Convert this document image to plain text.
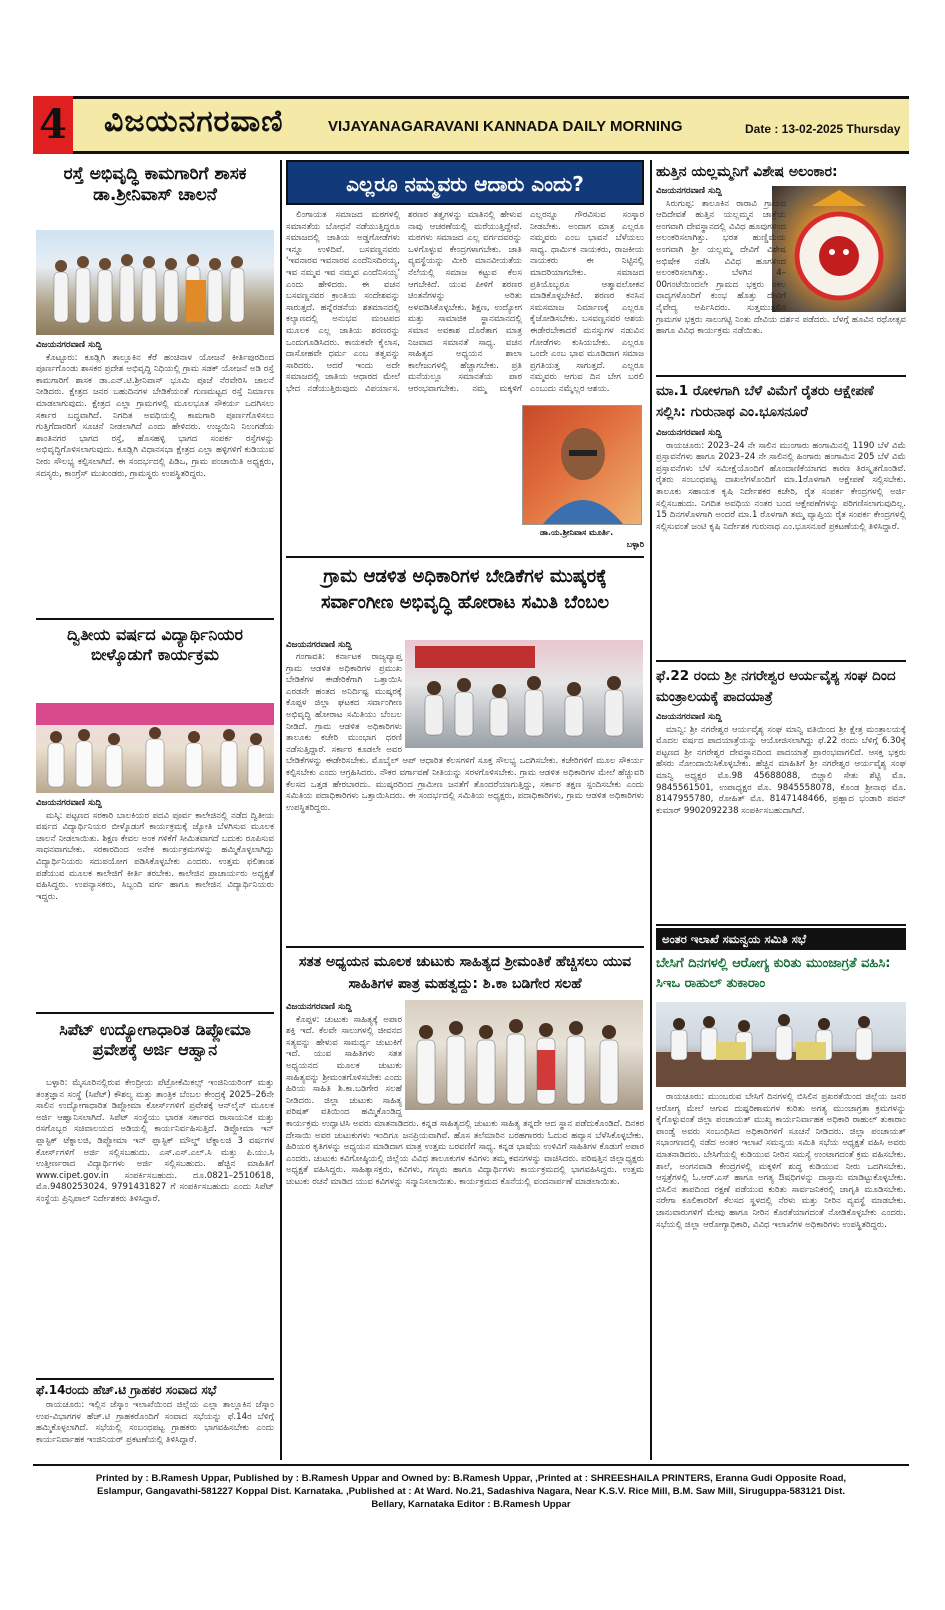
4 ವಿಜಯನಗರವಾಣಿ	VIJAYANAGARAVANI KANNADA DAILY MORNING	Date : 13-02-2025 Thursday
ರಸ್ತೆ ಅಭಿವೃದ್ಧಿ ಕಾಮಗಾರಿಗೆ ಶಾಸಕ ಡಾ.ಶ್ರೀನಿವಾಸ್ ಚಾಲನೆ
ವಿಜಯನಗರವಾಣಿ ಸುದ್ದಿ

ಕೊಟ್ಟೂರು: ಕೂಡ್ಲಿಗಿ ತಾಲ್ಲೂಕಿನ ಕೆರೆ ಹಂಚಿನಾಳ ಯೋಜನೆ ಕೀರ್ತಿಪುರದಿಂದ ಪೂರ್ಣಗೊಂಡು ಶಾಸಕರ ಪ್ರದೇಶ ಅಭಿವೃದ್ಧಿ ನಿಧಿಯಲ್ಲಿ ಗ್ರಾಮ ಸಡಕ್ ಯೋಜನೆ ಅಡಿ ರಸ್ತೆ ಕಾಮಗಾರಿಗೆ ಶಾಸಕ ಡಾ.ಎನ್.ಟಿ.ಶ್ರೀನಿವಾಸ್ ಭೂಮಿ ಪೂಜೆ ನೆರವೇರಿಸಿ ಚಾಲನೆ ನೀಡಿದರು. ಕ್ಷೇತ್ರದ ಜನರ ಬಹುದಿನಗಳ ಬೇಡಿಕೆಯಂತೆ ಗುಣಮಟ್ಟದ ರಸ್ತೆ ನಿರ್ಮಾಣ ಮಾಡಲಾಗುವುದು. ಕ್ಷೇತ್ರದ ಎಲ್ಲಾ ಗ್ರಾಮಗಳಲ್ಲಿ ಮೂಲಭೂತ ಸೌಕರ್ಯ ಒದಗಿಸಲು ಸರ್ಕಾರ ಬದ್ಧವಾಗಿದೆ. ನಿಗದಿತ ಅವಧಿಯಲ್ಲಿ ಕಾಮಗಾರಿ ಪೂರ್ಣಗೊಳಿಸಲು ಗುತ್ತಿಗೆದಾರರಿಗೆ ಸೂಚನೆ ನೀಡಲಾಗಿದೆ ಎಂದು ಹೇಳಿದರು. ಉಜ್ಜಯಿನಿ ನಿಲುಗಡೆಯ ಶಾಂತಿನಗರ ಭಾಗದ ರಸ್ತೆ, ಹೊಸಹಳ್ಳಿ ಭಾಗದ ಸಂಪರ್ಕ ರಸ್ತೆಗಳನ್ನು ಅಭಿವೃದ್ಧಿಗೊಳಿಸಲಾಗುವುದು. ಕೂಡ್ಲಿಗಿ ವಿಧಾನಸಭಾ ಕ್ಷೇತ್ರದ ಎಲ್ಲಾ ಹಳ್ಳಿಗಳಿಗೆ ಕುಡಿಯುವ ನೀರು ಸೌಲಭ್ಯ ಕಲ್ಪಿಸಲಾಗಿದೆ. ಈ ಸಂದರ್ಭದಲ್ಲಿ ಪಿಡಿಒ, ಗ್ರಾಮ ಪಂಚಾಯಿತಿ ಅಧ್ಯಕ್ಷರು, ಸದಸ್ಯರು, ಕಾಂಗ್ರೆಸ್ ಮುಖಂಡರು, ಗ್ರಾಮಸ್ಥರು ಉಪಸ್ಥಿತರಿದ್ದರು.

ದ್ವಿತೀಯ ವರ್ಷದ ವಿದ್ಯಾರ್ಥಿನಿಯರ ಬೀಳ್ಕೊಡುಗೆ ಕಾರ್ಯಕ್ರಮ
ವಿಜಯನಗರವಾಣಿ ಸುದ್ದಿ

ಮಸ್ಕಿ: ಪಟ್ಟಣದ ಸರಕಾರಿ ಬಾಲಕಿಯರ ಪದವಿ ಪೂರ್ವ ಕಾಲೇಜಿನಲ್ಲಿ ನಡೆದ ದ್ವಿತೀಯ ವರ್ಷದ ವಿದ್ಯಾರ್ಥಿನಿಯರ ಬೀಳ್ಕೊಡುಗೆ ಕಾರ್ಯಕ್ರಮಕ್ಕೆ ಜ್ಯೋತಿ ಬೆಳಗಿಸುವ ಮೂಲಕ ಚಾಲನೆ ನೀಡಲಾಯಿತು. ಶಿಕ್ಷಣ ಕೇವಲ ಅಂಕ ಗಳಿಕೆಗೆ ಸೀಮಿತವಾಗದೆ ಬದುಕು ರೂಪಿಸುವ ಸಾಧನವಾಗಬೇಕು. ಸರಕಾರದಿಂದ ಅನೇಕ ಕಾರ್ಯಕ್ರಮಗಳನ್ನು ಹಮ್ಮಿಕೊಳ್ಳಲಾಗಿದ್ದು ವಿದ್ಯಾರ್ಥಿನಿಯರು ಸದುಪಯೋಗ ಪಡಿಸಿಕೊಳ್ಳಬೇಕು ಎಂದರು. ಉತ್ತಮ ಫಲಿತಾಂಶ ಪಡೆಯುವ ಮೂಲಕ ಕಾಲೇಜಿಗೆ ಕೀರ್ತಿ ತರಬೇಕು. ಕಾಲೇಜಿನ ಪ್ರಾಚಾರ್ಯರು ಅಧ್ಯಕ್ಷತೆ ವಹಿಸಿದ್ದರು. ಉಪನ್ಯಾಸಕರು, ಸಿಬ್ಬಂದಿ ವರ್ಗ ಹಾಗೂ ಕಾಲೇಜಿನ ವಿದ್ಯಾರ್ಥಿನಿಯರು ಇದ್ದರು.

ಸಿಪೆಟ್ ಉದ್ಯೋಗಾಧಾರಿತ ಡಿಪ್ಲೋಮಾ ಪ್ರವೇಶಕ್ಕೆ ಅರ್ಜಿ ಆಹ್ವಾನ

ಬಳ್ಳಾರಿ: ಮೈಸೂರಿನಲ್ಲಿರುವ ಕೇಂದ್ರೀಯ ಪೆಟ್ರೋಕೆಮಿಕಲ್ಸ್ ಇಂಜಿನಿಯರಿಂಗ್ ಮತ್ತು ತಂತ್ರಜ್ಞಾನ ಸಂಸ್ಥೆ (ಸಿಪೆಟ್) ಕೌಶಲ್ಯ ಮತ್ತು ತಾಂತ್ರಿಕ ಬೆಂಬಲ ಕೇಂದ್ರಕ್ಕೆ 2025–26ನೇ ಸಾಲಿನ ಉದ್ಯೋಗಾಧಾರಿತ ಡಿಪ್ಲೋಮಾ ಕೋರ್ಸ್‌ಗಳಿಗೆ ಪ್ರವೇಶಕ್ಕೆ ಆನ್‌ಲೈನ್ ಮೂಲಕ ಅರ್ಜಿ ಆಹ್ವಾನಿಸಲಾಗಿದೆ. ಸಿಪೆಟ್ ಸಂಸ್ಥೆಯು ಭಾರತ ಸರ್ಕಾರದ ರಾಸಾಯನಿಕ ಮತ್ತು ರಸಗೊಬ್ಬರ ಸಚಿವಾಲಯದ ಅಡಿಯಲ್ಲಿ ಕಾರ್ಯನಿರ್ವಹಿಸುತ್ತಿದೆ. ಡಿಪ್ಲೋಮಾ ಇನ್ ಪ್ಲಾಸ್ಟಿಕ್ ಟೆಕ್ನಾಲಜಿ, ಡಿಪ್ಲೋಮಾ ಇನ್ ಪ್ಲಾಸ್ಟಿಕ್ ಮೌಲ್ಡ್ ಟೆಕ್ನಾಲಜಿ 3 ವರ್ಷಗಳ ಕೋರ್ಸ್‌ಗಳಿಗೆ ಅರ್ಜಿ ಸಲ್ಲಿಸಬಹುದು. ಎಸ್.ಎಸ್.ಎಲ್.ಸಿ ಮತ್ತು ಪಿ.ಯು.ಸಿ ಉತ್ತೀರ್ಣರಾದ ವಿದ್ಯಾರ್ಥಿಗಳು ಅರ್ಜಿ ಸಲ್ಲಿಸಬಹುದು. ಹೆಚ್ಚಿನ ಮಾಹಿತಿಗೆ www.cipet.gov.in ಸಂಪರ್ಕಿಸಬಹುದು. ದೂ.0821–2510618, ಮೊ.9480253024, 9791431827 ಗೆ ಸಂಪರ್ಕಿಸಬಹುದು ಎಂದು ಸಿಪೆಟ್ ಸಂಸ್ಥೆಯ ಪ್ರಿನ್ಸಿಪಾಲ್ ನಿರ್ದೇಶಕರು ತಿಳಿಸಿದ್ದಾರೆ.

ಫೆ.14ರಂದು ಹೆಚ್.ಟಿ ಗ್ರಾಹಕರ ಸಂವಾದ ಸಭೆ

ರಾಯಚೂರು: ಇಲ್ಲಿನ ಜೆಸ್ಕಾಂ ಇಲಾಖೆಯಿಂದ ಜಿಲ್ಲೆಯ ಎಲ್ಲಾ ತಾಲ್ಲೂಕಿನ ಜೆಸ್ಕಾಂ ಉಪ-ವಿಭಾಗಗಳ ಹೆಚ್.ಟಿ ಗ್ರಾಹಕರೊಂದಿಗೆ ಸಂವಾದ ಸಭೆಯನ್ನು ಫೆ.14ರ ಬೆಳಿಗ್ಗೆ ಹಮ್ಮಿಕೊಳ್ಳಲಾಗಿದೆ. ಸಭೆಯಲ್ಲಿ ಸಂಬಂಧಪಟ್ಟ ಗ್ರಾಹಕರು ಭಾಗವಹಿಸಬೇಕು ಎಂದು ಕಾರ್ಯನಿರ್ವಾಹಕ ಇಂಜಿನಿಯರ್ ಪ್ರಕಟಣೆಯಲ್ಲಿ ತಿಳಿಸಿದ್ದಾರೆ.

ಎಲ್ಲರೂ ನಮ್ಮವರು ಆದಾರು ಎಂದು?

ಲಿಂಗಾಯತ ಸಮಾಜದ ಮಠಗಳಲ್ಲಿ ಸಮಾನತೆಯ ಬೋಧನೆ ನಡೆಯುತ್ತಿದ್ದರೂ ಸಮಾಜದಲ್ಲಿ ಜಾತಿಯ ಅಡ್ಡಗೋಡೆಗಳು ಇನ್ನೂ ಉಳಿದಿವೆ. ಬಸವಣ್ಣನವರು 'ಇವನಾರವ ಇವನಾರವ ಎಂದೆನಿಸದಿರಯ್ಯ, ಇವ ನಮ್ಮವ ಇವ ನಮ್ಮವ ಎಂದೆನಿಸಯ್ಯ' ಎಂದು ಹೇಳಿದರು. ಈ ವಚನ ಬಸವಣ್ಣನವರ ಕ್ರಾಂತಿಯ ಸಂದೇಶವನ್ನು ಸಾರುತ್ತದೆ. ಹನ್ನೆರಡನೆಯ ಶತಮಾನದಲ್ಲಿ ಕಲ್ಯಾಣದಲ್ಲಿ ಅನುಭವ ಮಂಟಪದ ಮೂಲಕ ಎಲ್ಲ ಜಾತಿಯ ಶರಣರನ್ನು ಒಂದುಗೂಡಿಸಿದರು. ಕಾಯಕವೇ ಕೈಲಾಸ, ದಾಸೋಹವೇ ಧರ್ಮ ಎಂಬ ತತ್ವವನ್ನು ಸಾರಿದರು. ಆದರೆ ಇಂದು ಅದೇ ಸಮಾಜದಲ್ಲಿ ಜಾತಿಯ ಆಧಾರದ ಮೇಲೆ ಭೇದ ನಡೆಯುತ್ತಿರುವುದು ವಿಪರ್ಯಾಸ. ಶರಣರ ತತ್ವಗಳನ್ನು ಮಾತಿನಲ್ಲಿ ಹೇಳುವ ನಾವು ಆಚರಣೆಯಲ್ಲಿ ಮರೆಯುತ್ತಿದ್ದೇವೆ. ಮಠಗಳು ಸಮಾಜದ ಎಲ್ಲ ವರ್ಗದವರನ್ನು ಒಳಗೊಳ್ಳುವ ಕೇಂದ್ರಗಳಾಗಬೇಕು. ಜಾತಿ ವ್ಯವಸ್ಥೆಯನ್ನು ಮೀರಿ ಮಾನವೀಯತೆಯ ನೆಲೆಯಲ್ಲಿ ಸಮಾಜ ಕಟ್ಟುವ ಕೆಲಸ ಆಗಬೇಕಿದೆ. ಯುವ ಪೀಳಿಗೆ ಶರಣರ ಚಿಂತನೆಗಳನ್ನು ಅರಿತು ಅಳವಡಿಸಿಕೊಳ್ಳಬೇಕು. ಶಿಕ್ಷಣ, ಉದ್ಯೋಗ ಮತ್ತು ಸಾಮಾಜಿಕ ಸ್ಥಾನಮಾನದಲ್ಲಿ ಸಮಾನ ಅವಕಾಶ ದೊರೆತಾಗ ಮಾತ್ರ ನಿಜವಾದ ಸಮಾನತೆ ಸಾಧ್ಯ. ವಚನ ಸಾಹಿತ್ಯದ ಅಧ್ಯಯನ ಶಾಲಾ ಕಾಲೇಜುಗಳಲ್ಲಿ ಹೆಚ್ಚಾಗಬೇಕು. ಪ್ರತಿ ಮನೆಯಲ್ಲೂ ಸಮಾನತೆಯ ಪಾಠ ಆರಂಭವಾಗಬೇಕು. ನಮ್ಮ ಮಕ್ಕಳಿಗೆ ಎಲ್ಲರನ್ನೂ ಗೌರವಿಸುವ ಸಂಸ್ಕಾರ ನೀಡಬೇಕು. ಅಂದಾಗ ಮಾತ್ರ ಎಲ್ಲರೂ ನಮ್ಮವರು ಎಂಬ ಭಾವನೆ ಬೆಳೆಯಲು ಸಾಧ್ಯ. ಧಾರ್ಮಿಕ ನಾಯಕರು, ರಾಜಕೀಯ ನಾಯಕರು ಈ ನಿಟ್ಟಿನಲ್ಲಿ ಮಾದರಿಯಾಗಬೇಕು. ಸಮಾಜದ ಪ್ರತಿಯೊಬ್ಬರೂ ಆತ್ಮಾವಲೋಕನ ಮಾಡಿಕೊಳ್ಳಬೇಕಿದೆ. ಶರಣರ ಕನಸಿನ ಸಮಸಮಾಜ ನಿರ್ಮಾಣಕ್ಕೆ ಎಲ್ಲರೂ ಕೈಜೋಡಿಸಬೇಕು. ಬಸವಣ್ಣನವರ ಆಶಯ ಈಡೇರಬೇಕಾದರೆ ಮನಸ್ಸುಗಳ ನಡುವಿನ ಗೋಡೆಗಳು ಕುಸಿಯಬೇಕು. ಎಲ್ಲರೂ ಒಂದೇ ಎಂಬ ಭಾವ ಮೂಡಿದಾಗ ಸಮಾಜ ಪ್ರಗತಿಯತ್ತ ಸಾಗುತ್ತದೆ. ಎಲ್ಲರೂ ನಮ್ಮವರು ಆಗುವ ದಿನ ಬೇಗ ಬರಲಿ ಎಂಬುದು ನಮ್ಮೆಲ್ಲರ ಆಶಯ.

ಡಾ.ಯ.ಶ್ರೀನಿವಾಸ ಮೂರ್ತಿ.
ಬಳ್ಳಾರಿ
ಗ್ರಾಮ ಆಡಳಿತ ಅಧಿಕಾರಿಗಳ ಬೇಡಿಕೆಗಳ ಮುಷ್ಕರಕ್ಕೆ ಸರ್ವಾಂಗೀಣ ಅಭಿವೃದ್ಧಿ ಹೋರಾಟ ಸಮಿತಿ ಬೆಂಬಲ
ವಿಜಯನಗರವಾಣಿ ಸುದ್ದಿ

ಗಂಗಾವತಿ: ಕರ್ನಾಟಕ ರಾಜ್ಯವ್ಯಾಪ್ತ ಗ್ರಾಮ ಆಡಳಿತ ಅಧಿಕಾರಿಗಳ ಪ್ರಮುಖ ಬೇಡಿಕೆಗಳ ಈಡೇರಿಕೆಗಾಗಿ ಒತ್ತಾಯಿಸಿ ಎರಡನೇ ಹಂತದ ಅನಿರ್ದಿಷ್ಟ ಮುಷ್ಕರಕ್ಕೆ ಕೊಪ್ಪಳ ಜಿಲ್ಲಾ ಘಟಕದ ಸರ್ವಾಂಗೀಣ ಅಭಿವೃದ್ಧಿ ಹೋರಾಟ ಸಮಿತಿಯು ಬೆಂಬಲ ನೀಡಿದೆ. ಗ್ರಾಮ ಆಡಳಿತ ಅಧಿಕಾರಿಗಳು ತಾಲೂಕು ಕಚೇರಿ ಮುಂಭಾಗ ಧರಣಿ ನಡೆಸುತ್ತಿದ್ದಾರೆ. ಸರ್ಕಾರ ಕೂಡಲೇ ಅವರ ಬೇಡಿಕೆಗಳನ್ನು ಈಡೇರಿಸಬೇಕು. ಮೊಬೈಲ್ ಆಪ್ ಆಧಾರಿತ ಕೆಲಸಗಳಿಗೆ ಸೂಕ್ತ ಸೌಲಭ್ಯ ಒದಗಿಸಬೇಕು. ಕಚೇರಿಗಳಿಗೆ ಮೂಲ ಸೌಕರ್ಯ ಕಲ್ಪಿಸಬೇಕು ಎಂದು ಆಗ್ರಹಿಸಿದರು. ನೌಕರ ವರ್ಗಾವಣೆ ನೀತಿಯನ್ನು ಸರಳಗೊಳಿಸಬೇಕು. ಗ್ರಾಮ ಆಡಳಿತ ಅಧಿಕಾರಿಗಳ ಮೇಲೆ ಹೆಚ್ಚುವರಿ ಕೆಲಸದ ಒತ್ತಡ ಹೇರಬಾರದು. ಮುಷ್ಕರದಿಂದ ಗ್ರಾಮೀಣ ಜನತೆಗೆ ತೊಂದರೆಯಾಗುತ್ತಿದ್ದು, ಸರ್ಕಾರ ತಕ್ಷಣ ಸ್ಪಂದಿಸಬೇಕು ಎಂದು ಸಮಿತಿಯ ಪದಾಧಿಕಾರಿಗಳು ಒತ್ತಾಯಿಸಿದರು. ಈ ಸಂದರ್ಭದಲ್ಲಿ ಸಮಿತಿಯ ಅಧ್ಯಕ್ಷರು, ಪದಾಧಿಕಾರಿಗಳು, ಗ್ರಾಮ ಆಡಳಿತ ಅಧಿಕಾರಿಗಳು ಉಪಸ್ಥಿತರಿದ್ದರು.

ಸತತ ಅಧ್ಯಯನ ಮೂಲಕ ಚುಟುಕು ಸಾಹಿತ್ಯದ ಶ್ರೀಮಂತಿಕೆ ಹೆಚ್ಚಿಸಲು ಯುವ ಸಾಹಿತಿಗಳ ಪಾತ್ರ ಮಹತ್ವದ್ದು: ಶಿ.ಕಾ ಬಡಿಗೇರ ಸಲಹೆ
ವಿಜಯನಗರವಾಣಿ ಸುದ್ದಿ

ಕೊಪ್ಪಳ: ಚುಟುಕು ಸಾಹಿತ್ಯಕ್ಕೆ ಅಪಾರ ಶಕ್ತಿ ಇದೆ. ಕೆಲವೇ ಸಾಲುಗಳಲ್ಲಿ ಜೀವನದ ಸತ್ಯವನ್ನು ಹೇಳುವ ಸಾಮರ್ಥ್ಯ ಚುಟುಕಿಗೆ ಇದೆ. ಯುವ ಸಾಹಿತಿಗಳು ಸತತ ಅಧ್ಯಯನದ ಮೂಲಕ ಚುಟುಕು ಸಾಹಿತ್ಯವನ್ನು ಶ್ರೀಮಂತಗೊಳಿಸಬೇಕು ಎಂದು ಹಿರಿಯ ಸಾಹಿತಿ ಶಿ.ಕಾ.ಬಡಿಗೇರ ಸಲಹೆ ನೀಡಿದರು. ಜಿಲ್ಲಾ ಚುಟುಕು ಸಾಹಿತ್ಯ ಪರಿಷತ್ ವತಿಯಿಂದ ಹಮ್ಮಿಕೊಂಡಿದ್ದ ಕಾರ್ಯಕ್ರಮ ಉದ್ಘಾಟಿಸಿ ಅವರು ಮಾತನಾಡಿದರು. ಕನ್ನಡ ಸಾಹಿತ್ಯದಲ್ಲಿ ಚುಟುಕು ಸಾಹಿತ್ಯ ತನ್ನದೇ ಆದ ಸ್ಥಾನ ಪಡೆದುಕೊಂಡಿದೆ. ದಿನಕರ ದೇಸಾಯಿ ಅವರ ಚುಟುಕುಗಳು ಇಂದಿಗೂ ಜನಪ್ರಿಯವಾಗಿವೆ. ಹೊಸ ತಲೆಮಾರಿನ ಬರಹಗಾರರು ಓದುವ ಹವ್ಯಾಸ ಬೆಳೆಸಿಕೊಳ್ಳಬೇಕು. ಹಿರಿಯರ ಕೃತಿಗಳನ್ನು ಅಧ್ಯಯನ ಮಾಡಿದಾಗ ಮಾತ್ರ ಉತ್ತಮ ಬರವಣಿಗೆ ಸಾಧ್ಯ. ಕನ್ನಡ ಭಾಷೆಯ ಉಳಿವಿಗೆ ಸಾಹಿತಿಗಳ ಕೊಡುಗೆ ಅಪಾರ ಎಂದರು. ಚುಟುಕು ಕವಿಗೋಷ್ಠಿಯಲ್ಲಿ ಜಿಲ್ಲೆಯ ವಿವಿಧ ತಾಲೂಕುಗಳ ಕವಿಗಳು ತಮ್ಮ ಕವನಗಳನ್ನು ವಾಚಿಸಿದರು. ಪರಿಷತ್ತಿನ ಜಿಲ್ಲಾಧ್ಯಕ್ಷರು ಅಧ್ಯಕ್ಷತೆ ವಹಿಸಿದ್ದರು. ಸಾಹಿತ್ಯಾಸಕ್ತರು, ಕವಿಗಳು, ಗಣ್ಯರು ಹಾಗೂ ವಿದ್ಯಾರ್ಥಿಗಳು ಕಾರ್ಯಕ್ರಮದಲ್ಲಿ ಭಾಗವಹಿಸಿದ್ದರು. ಉತ್ತಮ ಚುಟುಕು ರಚನೆ ಮಾಡಿದ ಯುವ ಕವಿಗಳನ್ನು ಸನ್ಮಾನಿಸಲಾಯಿತು. ಕಾರ್ಯಕ್ರಮದ ಕೊನೆಯಲ್ಲಿ ವಂದನಾರ್ಪಣೆ ಮಾಡಲಾಯಿತು.

ಹುತ್ತಿನ ಯಲ್ಲಮ್ಮನಿಗೆ ವಿಶೇಷ ಅಲಂಕಾರ:
ವಿಜಯನಗರವಾಣಿ ಸುದ್ದಿ

ಸಿರುಗುಪ್ಪ: ತಾಲೂಕಿನ ರಾರಾವಿ ಗ್ರಾಮದ ಆದಿದೇವತೆ ಹುತ್ತಿನ ಯಲ್ಲಮ್ಮನ ಜಾತ್ರೆಯ ಅಂಗವಾಗಿ ದೇವಸ್ಥಾನದಲ್ಲಿ ವಿವಿಧ ಹೂವುಗಳಿಂದ ಅಲಂಕರಿಸಲಾಗಿತ್ತು. ಭರತ ಹುಣ್ಣಿಮೆಯ ಅಂಗವಾಗಿ ಶ್ರೀ ಯಲ್ಲಮ್ಮ ದೇವಿಗೆ ವಿಶೇಷ ಅಭಿಷೇಕ ನಡೆಸಿ ವಿವಿಧ ಹೂಗಳಿಂದ ಅಲಂಕರಿಸಲಾಗಿತ್ತು. ಬೆಳಗಿನ 4–00ಗಂಟೆಯಿಂದಲೇ ಗ್ರಾಮದ ಭಕ್ತರು ಸಕಲ ವಾದ್ಯಗಳೊಂದಿಗೆ ಕುಂಭ ಹೊತ್ತು ದೇವಿಗೆ ನೈವೇದ್ಯ ಅರ್ಪಿಸಿದರು. ಸುತ್ತಮುತ್ತಲಿನ ಗ್ರಾಮಗಳ ಭಕ್ತರು ಸಾಲುಗಟ್ಟಿ ನಿಂತು ದೇವಿಯ ದರ್ಶನ ಪಡೆದರು. ಬೆಳಗ್ಗೆ ಹೂವಿನ ರಥೋತ್ಸವ ಹಾಗೂ ವಿವಿಧ ಕಾರ್ಯಕ್ರಮ ನಡೆಯಿತು.

ಮಾ.1 ರೋಳಗಾಗಿ ಬೆಳೆ ವಿಮೆಗೆ ರೈತರು ಆಕ್ಷೇಪಣೆ ಸಲ್ಲಿಸಿ: ಗುರುನಾಥ ಎಂ.ಭೂಸನೂರೆ
ವಿಜಯನಗರವಾಣಿ ಸುದ್ದಿ

ರಾಯಚೂರು: 2023–24 ನೇ ಸಾಲಿನ ಮುಂಗಾರು ಹಂಗಾಮಿನಲ್ಲಿ 1190 ಬೆಳೆ ವಿಮೆ ಪ್ರಸ್ತಾವನೆಗಳು ಹಾಗೂ 2023–24 ನೇ ಸಾಲಿನಲ್ಲಿ ಹಿಂಗಾರು ಹಂಗಾಮಿನ 205 ಬೆಳೆ ವಿಮೆ ಪ್ರಸ್ತಾವನೆಗಳು ಬೆಳೆ ಸಮೀಕ್ಷೆಯೊಂದಿಗೆ ಹೊಂದಾಣಿಕೆಯಾಗದ ಕಾರಣ ತಿರಸ್ಕೃತಗೊಂಡಿವೆ. ರೈತರು ಸಂಬಂಧಪಟ್ಟ ದಾಖಲೆಗಳೊಂದಿಗೆ ಮಾ.1ರೊಳಗಾಗಿ ಆಕ್ಷೇಪಣೆ ಸಲ್ಲಿಸಬೇಕು. ತಾಲೂಕು ಸಹಾಯಕ ಕೃಷಿ ನಿರ್ದೇಶಕರ ಕಚೇರಿ, ರೈತ ಸಂಪರ್ಕ ಕೇಂದ್ರಗಳಲ್ಲಿ ಅರ್ಜಿ ಸಲ್ಲಿಸಬಹುದು. ನಿಗದಿತ ಅವಧಿಯ ನಂತರ ಬಂದ ಆಕ್ಷೇಪಣೆಗಳನ್ನು ಪರಿಗಣಿಸಲಾಗುವುದಿಲ್ಲ. 15 ದಿನಗಳೊಳಗಾಗಿ ಅಂದರೆ ಮಾ.1 ರೊಳಗಾಗಿ ತಮ್ಮ ವ್ಯಾಪ್ತಿಯ ರೈತ ಸಂಪರ್ಕ ಕೇಂದ್ರಗಳಲ್ಲಿ ಸಲ್ಲಿಸುವಂತೆ ಜಂಟಿ ಕೃಷಿ ನಿರ್ದೇಶಕ ಗುರುನಾಥ ಎಂ.ಭೂಸನೂರೆ ಪ್ರಕಟಣೆಯಲ್ಲಿ ತಿಳಿಸಿದ್ದಾರೆ.

ಫೆ.22 ರಂದು ಶ್ರೀ ನಗರೇಶ್ವರ ಆರ್ಯವೈಶ್ಯ ಸಂಘ ದಿಂದ ಮಂತ್ರಾಲಯಕ್ಕೆ ಪಾದಯಾತ್ರೆ
ವಿಜಯನಗರವಾಣಿ ಸುದ್ದಿ

ಮಾನ್ವಿ: ಶ್ರೀ ನಗರೇಶ್ವರ ಆರ್ಯವೈಶ್ಯ ಸಂಘ ಮಾನ್ವಿ ವತಿಯಿಂದ ಶ್ರೀ ಕ್ಷೇತ್ರ ಮಂತ್ರಾಲಯಕ್ಕೆ ಮೊದಲ ವರ್ಷದ ಪಾದಯಾತ್ರೆಯನ್ನು ಆಯೋಜಿಸಲಾಗಿದ್ದು ಫೆ.22 ರಂದು ಬೆಳಿಗ್ಗೆ 6.30ಕ್ಕೆ ಪಟ್ಟಣದ ಶ್ರೀ ನಗರೇಶ್ವರ ದೇವಸ್ಥಾನದಿಂದ ಪಾದಯಾತ್ರೆ ಪ್ರಾರಂಭವಾಗಲಿದೆ. ಆಸಕ್ತ ಭಕ್ತರು ಹೆಸರು ನೋಂದಾಯಿಸಿಕೊಳ್ಳಬೇಕು. ಹೆಚ್ಚಿನ ಮಾಹಿತಿಗೆ ಶ್ರೀ ನಗರೇಶ್ವರ ಆರ್ಯವೈಶ್ಯ ಸಂಘ ಮಾನ್ವಿ ಅಧ್ಯಕ್ಷರ ಮೊ.98 45688088, ಬಿಚ್ಚಾಲಿ ಸೇತು ಶೆಟ್ಟಿ ಮೊ. 9845561501, ಉಪಾಧ್ಯಕ್ಷರ ಮೊ. 9845558078, ಕೊಂಡ ಶ್ರೀನಾಥ ಮೊ. 8147955780, ರೋಹಿತ್ ಮೊ. 8147148466, ಪ್ರಹ್ಲಾದ ಭಂಡಾರಿ ಪವನ್ ಕುಮಾರ್ 9902092238 ಸಂಪರ್ಕಿಸಬಹುದಾಗಿದೆ.

ಅಂತರ ಇಲಾಖೆ ಸಮನ್ವಯ ಸಮಿತಿ ಸಭೆ
ಬೇಸಿಗೆ ದಿನಗಳಲ್ಲಿ ಆರೋಗ್ಯ ಕುರಿತು ಮುಂಜಾಗ್ರತೆ ವಹಿಸಿ: ಸಿಇಒ ರಾಹುಲ್ ತುಕಾರಾಂ

ರಾಯಚೂರು: ಮುಂಬರುವ ಬೇಸಿಗೆ ದಿನಗಳಲ್ಲಿ ಬಿಸಿಲಿನ ಪ್ರಖರತೆಯಿಂದ ಜಿಲ್ಲೆಯ ಜನರ ಆರೋಗ್ಯ ಮೇಲೆ ಆಗುವ ದುಷ್ಪರಿಣಾಮಗಳ ಕುರಿತು ಅಗತ್ಯ ಮುಂಜಾಗ್ರತಾ ಕ್ರಮಗಳನ್ನು ಕೈಗೊಳ್ಳುವಂತೆ ಜಿಲ್ಲಾ ಪಂಚಾಯತ್ ಮುಖ್ಯ ಕಾರ್ಯನಿರ್ವಾಹಕ ಅಧಿಕಾರಿ ರಾಹುಲ್ ತುಕಾರಾಂ ಪಾಂಡ್ವೆ ಅವರು ಸಂಬಂಧಿಸಿದ ಅಧಿಕಾರಿಗಳಿಗೆ ಸೂಚನೆ ನೀಡಿದರು. ಜಿಲ್ಲಾ ಪಂಚಾಯತ್ ಸಭಾಂಗಣದಲ್ಲಿ ನಡೆದ ಅಂತರ ಇಲಾಖೆ ಸಮನ್ವಯ ಸಮಿತಿ ಸಭೆಯ ಅಧ್ಯಕ್ಷತೆ ವಹಿಸಿ ಅವರು ಮಾತನಾಡಿದರು. ಬೇಸಿಗೆಯಲ್ಲಿ ಕುಡಿಯುವ ನೀರಿನ ಸಮಸ್ಯೆ ಉಂಟಾಗದಂತೆ ಕ್ರಮ ವಹಿಸಬೇಕು. ಶಾಲೆ, ಅಂಗನವಾಡಿ ಕೇಂದ್ರಗಳಲ್ಲಿ ಮಕ್ಕಳಿಗೆ ಶುದ್ಧ ಕುಡಿಯುವ ನೀರು ಒದಗಿಸಬೇಕು. ಆಸ್ಪತ್ರೆಗಳಲ್ಲಿ ಓ.ಆರ್.ಎಸ್ ಹಾಗೂ ಅಗತ್ಯ ಔಷಧಿಗಳನ್ನು ದಾಸ್ತಾನು ಮಾಡಿಟ್ಟುಕೊಳ್ಳಬೇಕು. ಬಿಸಿಲಿನ ತಾಪದಿಂದ ರಕ್ಷಣೆ ಪಡೆಯುವ ಕುರಿತು ಸಾರ್ವಜನಿಕರಲ್ಲಿ ಜಾಗೃತಿ ಮೂಡಿಸಬೇಕು. ನರೇಗಾ ಕೂಲಿಕಾರರಿಗೆ ಕೆಲಸದ ಸ್ಥಳದಲ್ಲಿ ನೆರಳು ಮತ್ತು ನೀರಿನ ವ್ಯವಸ್ಥೆ ಮಾಡಬೇಕು. ಜಾನುವಾರುಗಳಿಗೆ ಮೇವು ಹಾಗೂ ನೀರಿನ ಕೊರತೆಯಾಗದಂತೆ ನೋಡಿಕೊಳ್ಳಬೇಕು ಎಂದರು. ಸಭೆಯಲ್ಲಿ ಜಿಲ್ಲಾ ಆರೋಗ್ಯಾಧಿಕಾರಿ, ವಿವಿಧ ಇಲಾಖೆಗಳ ಅಧಿಕಾರಿಗಳು ಉಪಸ್ಥಿತರಿದ್ದರು.

Printed by : B.Ramesh Uppar, Published by : B.Ramesh Uppar and Owned by: B.Ramesh Uppar, ,Printed at : SHREESHAILA PRINTERS, Eranna Gudi Opposite Road,
Eslampur, Gangavathi-581227 Koppal Dist. Karnataka. ,Published at : At Ward. No.21, Sadashiva Nagara, Near K.S.V. Rice Mill, B.M. Saw Mill, Siruguppa-583121 Dist.
Bellary, Karnataka Editor : B.Ramesh Uppar
